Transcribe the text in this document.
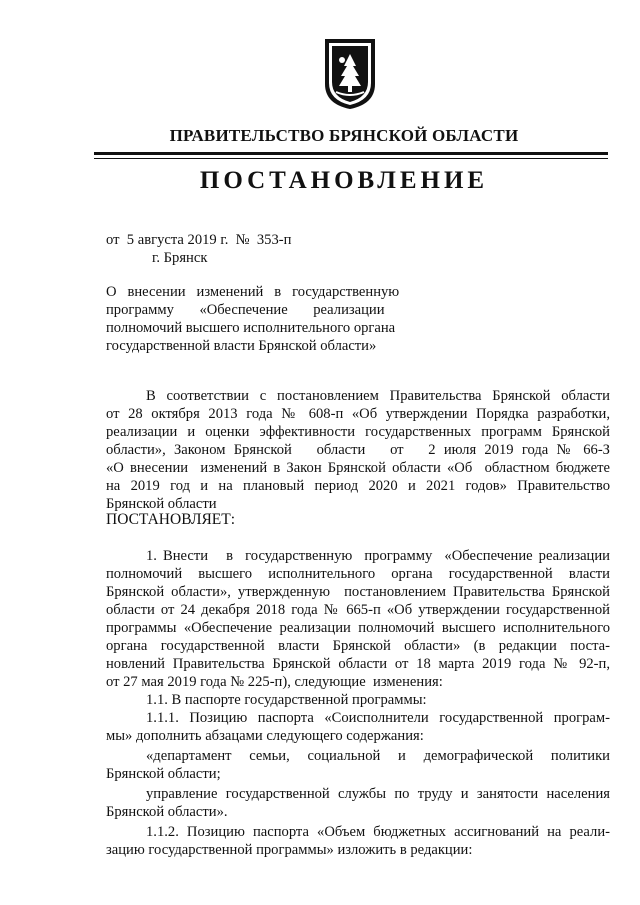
ПРАВИТЕЛЬСТВО БРЯНСКОЙ ОБЛАСТИ
ПОСТАНОВЛЕНИЕ
от  5 августа 2019 г.  №  353-п
г. Брянск
О   внесении   изменений   в   государственную
программу       «Обеспечение       реализации
полномочий высшего исполнительного органа
государственной власти Брянской области»
В соответствии с постановлением Правительства Брянской области
от 28 октября 2013 года № 608-п «Об утверждении Порядка разработки,
реализации и оценки эффективности государственных программ Брянской
области», Законом Брянской   области   от   2 июля 2019 года № 66-З
«О внесении  изменений в Закон Брянской области «Об  областном бюджете
на 2019 год и на плановый период 2020 и 2021 годов» Правительство
Брянской области
ПОСТАНОВЛЯЕТ:
1. Внести   в  государственную  программу  «Обеспечение реализации
полномочий высшего исполнительного органа государственной власти
Брянской области», утвержденную  постановлением Правительства Брянской
области от 24 декабря 2018 года № 665-п «Об утверждении государственной
программы «Обеспечение реализации полномочий высшего исполнительного
органа государственной власти Брянской области» (в редакции поста-
новлений Правительства Брянской области от 18 марта 2019 года № 92-п,
от 27 мая 2019 года № 225-п), следующие  изменения:
1.1. В паспорте государственной программы:
1.1.1. Позицию паспорта «Соисполнители государственной програм-
мы» дополнить абзацами следующего содержания:
«департамент   семьи,   социальной   и   демографической   политики
Брянской области;
управление государственной службы по труду и занятости населения
Брянской области».
1.1.2. Позицию паспорта «Объем бюджетных ассигнований на реали-
зацию государственной программы» изложить в редакции:
